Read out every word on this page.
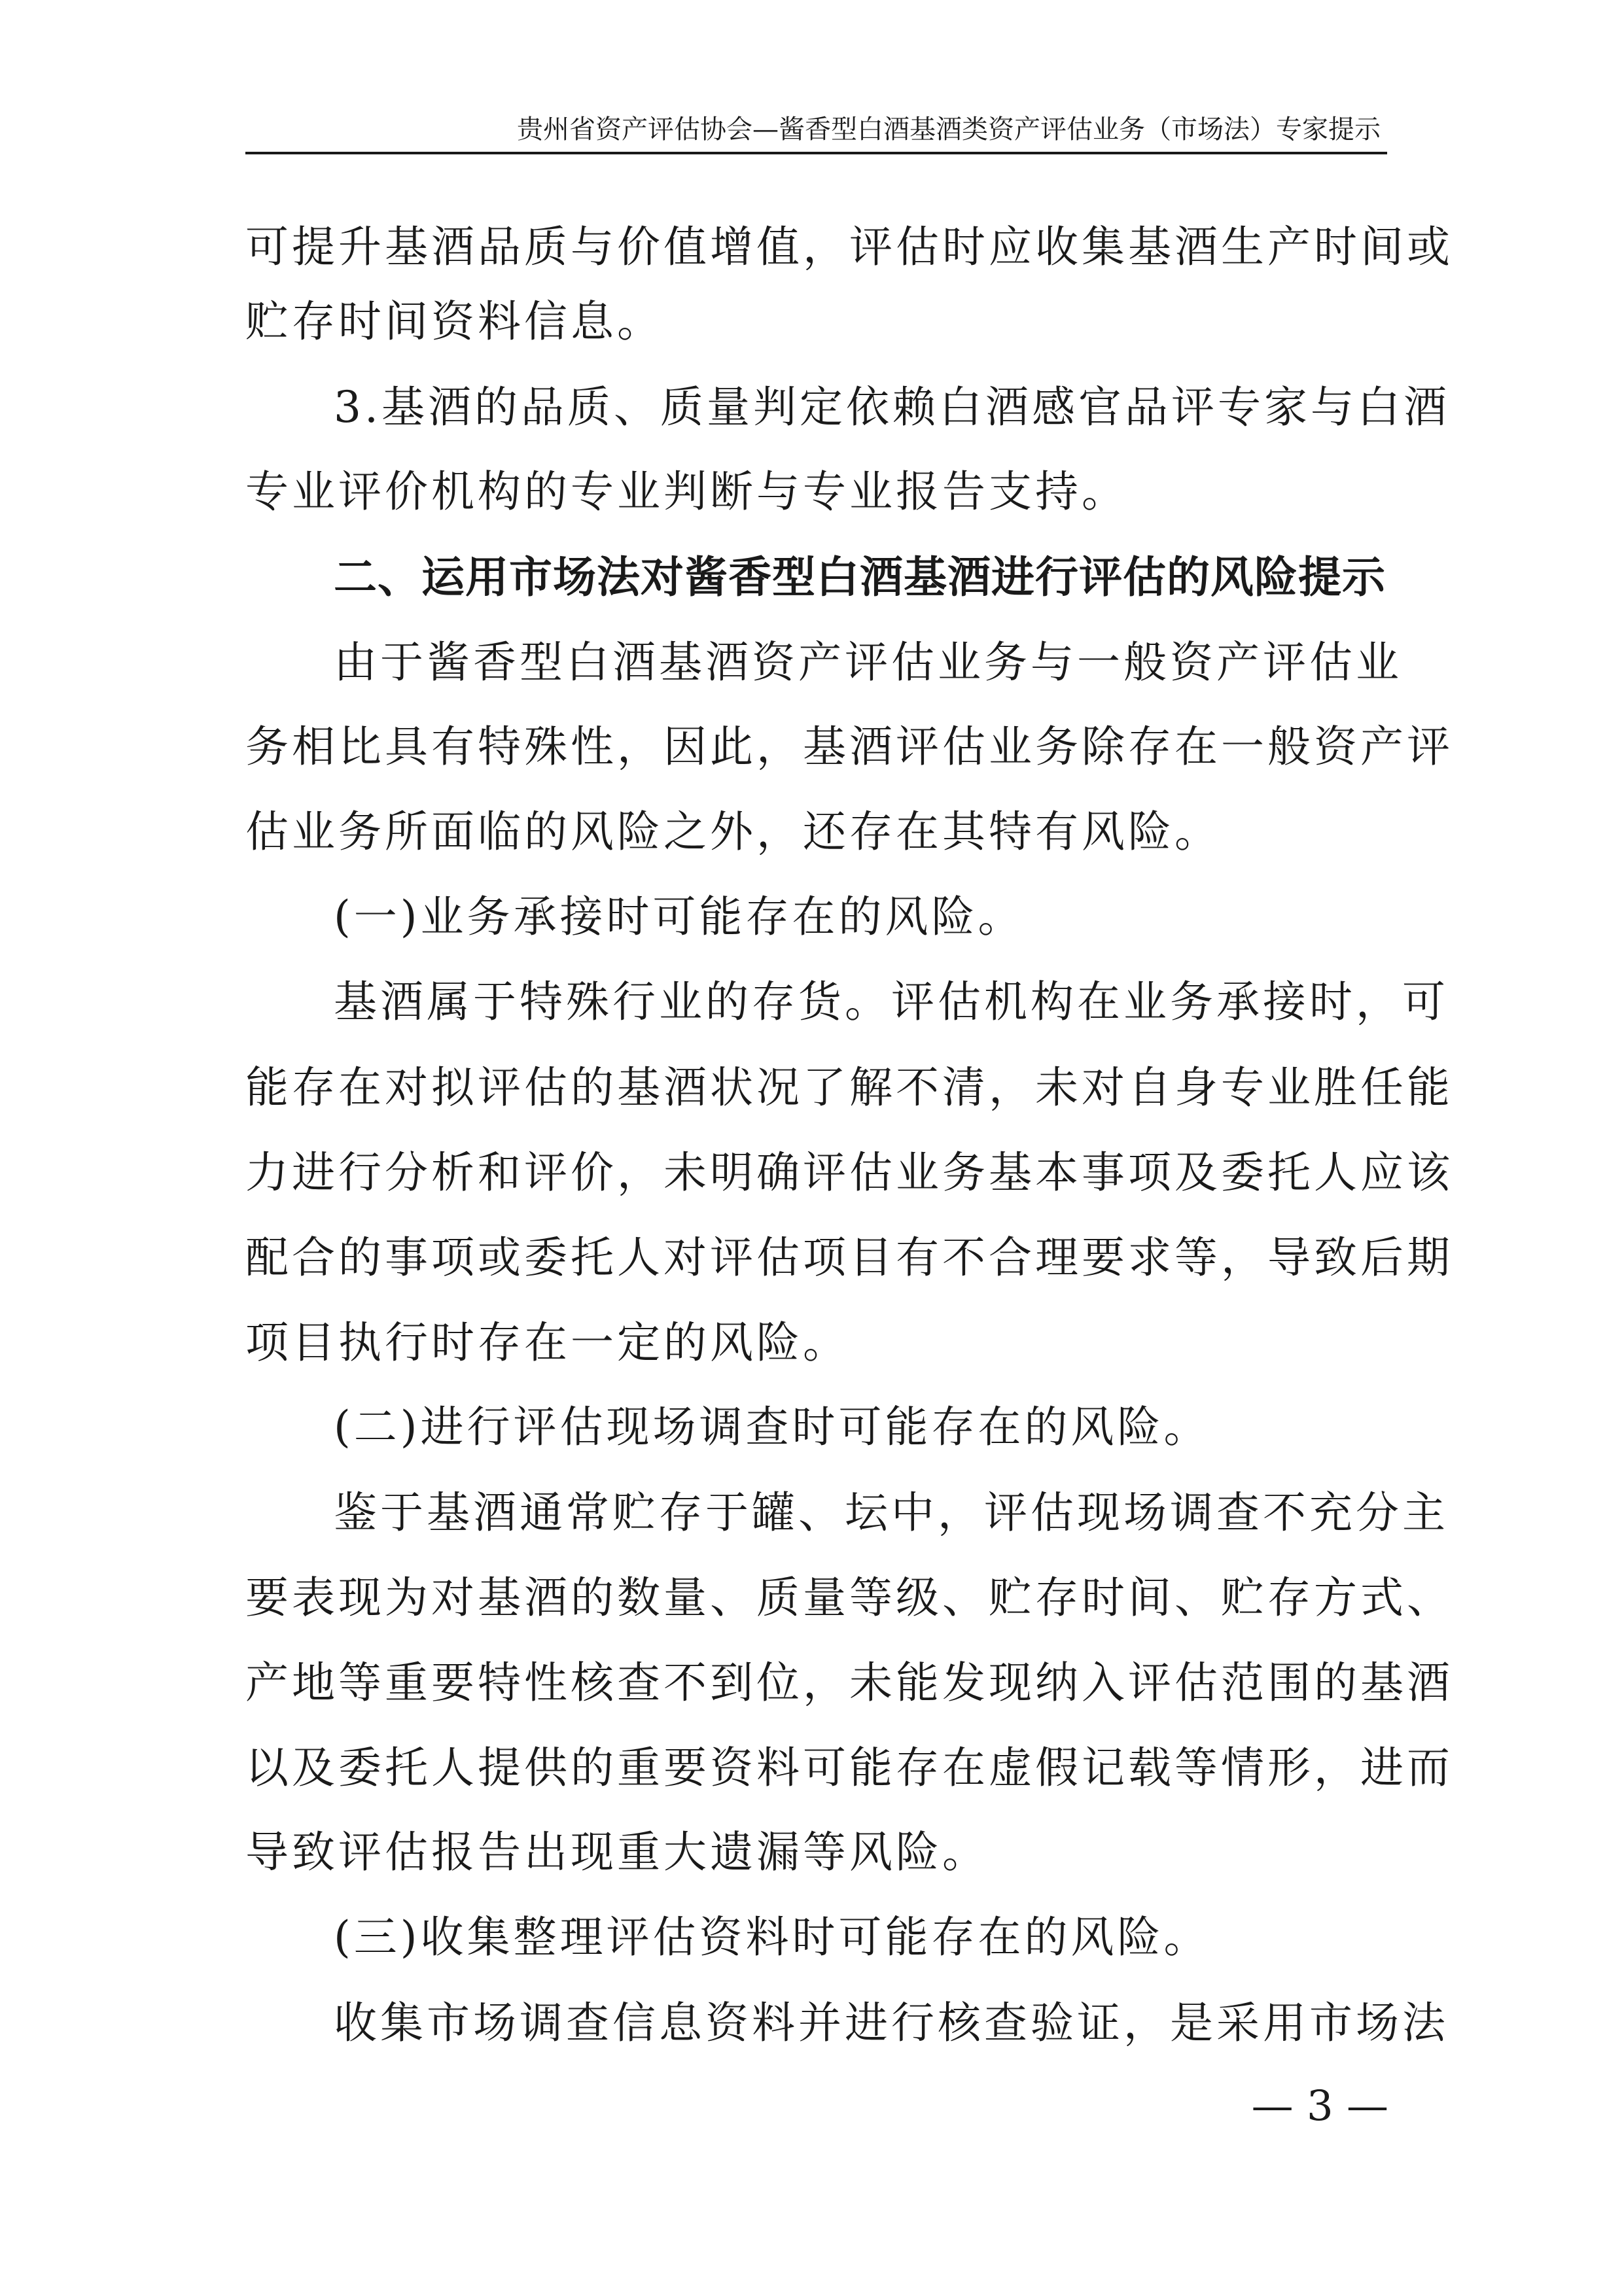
贵州省资产评估协会—酱香型白酒基酒类资产评估业务（市场法）专家提示
可提升基酒品质与价值增值，评估时应收集基酒生产时间或
贮存时间资料信息。
3.基酒的品质、质量判定依赖白酒感官品评专家与白酒
专业评价机构的专业判断与专业报告支持。
二、运用市场法对酱香型白酒基酒进行评估的风险提示
由于酱香型白酒基酒资产评估业务与一般资产评估业
务相比具有特殊性，因此，基酒评估业务除存在一般资产评
估业务所面临的风险之外，还存在其特有风险。
(一)业务承接时可能存在的风险。
基酒属于特殊行业的存货。评估机构在业务承接时，可
能存在对拟评估的基酒状况了解不清，未对自身专业胜任能
力进行分析和评价，未明确评估业务基本事项及委托人应该
配合的事项或委托人对评估项目有不合理要求等，导致后期
项目执行时存在一定的风险。
(二)进行评估现场调查时可能存在的风险。
鉴于基酒通常贮存于罐、坛中，评估现场调查不充分主
要表现为对基酒的数量、质量等级、贮存时间、贮存方式、
产地等重要特性核查不到位，未能发现纳入评估范围的基酒
以及委托人提供的重要资料可能存在虚假记载等情形，进而
导致评估报告出现重大遗漏等风险。
(三)收集整理评估资料时可能存在的风险。
收集市场调查信息资料并进行核查验证，是采用市场法
— 3 —
